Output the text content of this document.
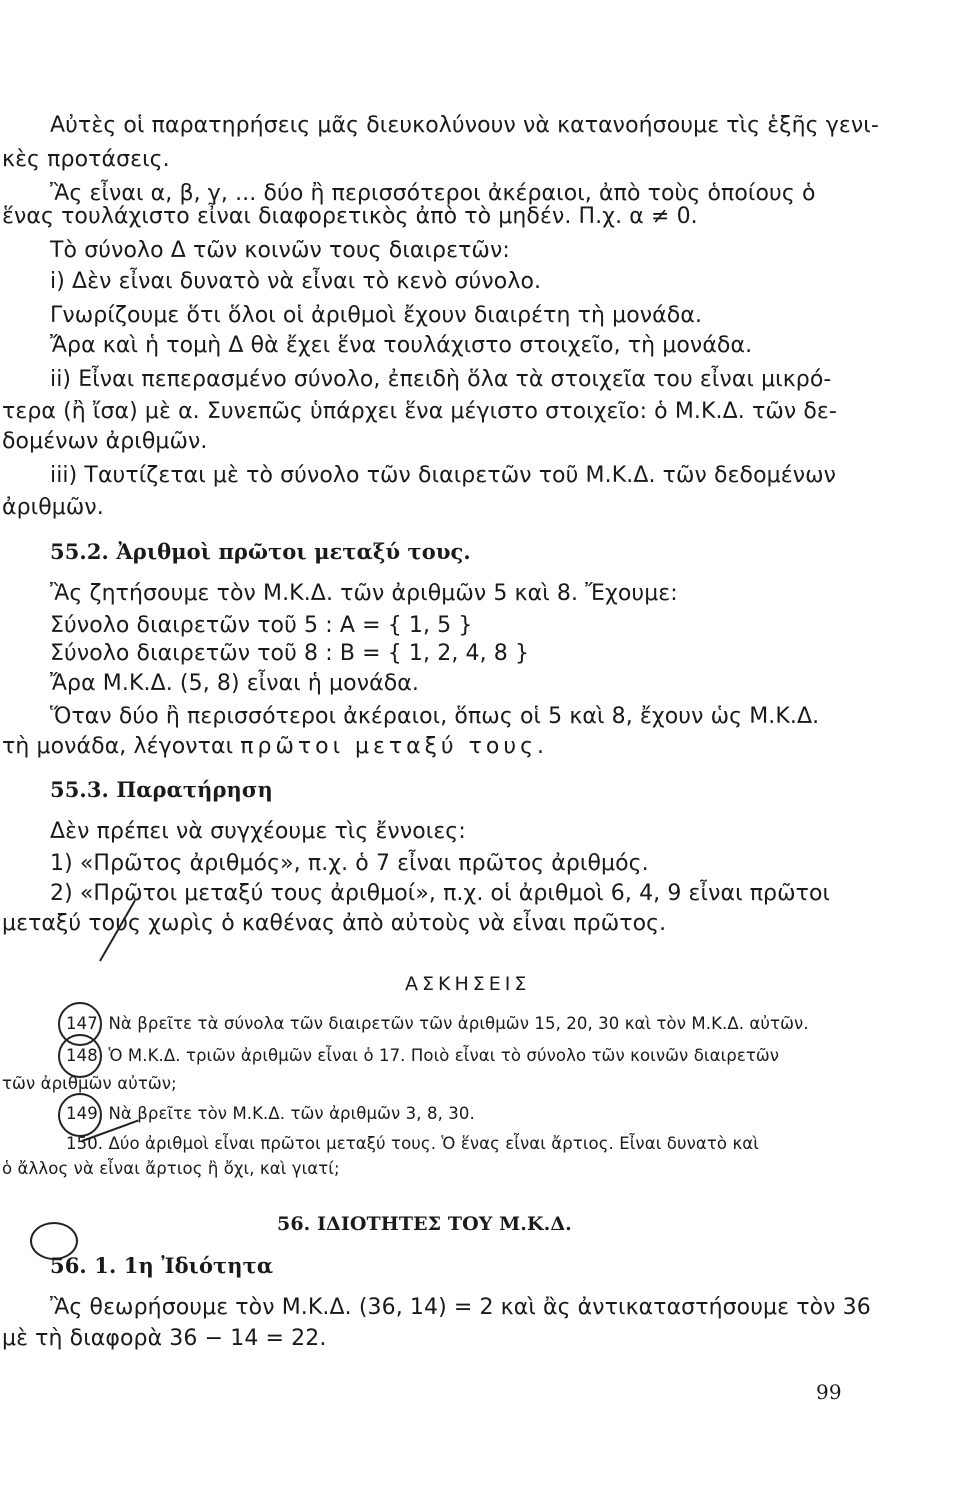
Αὐτὲς οἱ παρατηρήσεις μᾶς διευκολύνουν νὰ κατανοήσουμε τὶς ἑξῆς γενι-
κὲς προτάσεις.
Ἂς εἶναι α, β, γ, ... δύο ἢ περισσότεροι ἀκέραιοι, ἀπὸ τοὺς ὁποίους ὁ
ἕνας τουλάχιστο εἶναι διαφορετικὸς ἀπὸ τὸ μηδέν. Π.χ. α ≠ 0.
Τὸ σύνολο Δ τῶν κοινῶν τους διαιρετῶν:
i) Δὲν εἶναι δυνατὸ νὰ εἶναι τὸ κενὸ σύνολο.
Γνωρίζουμε ὅτι ὅλοι οἱ ἀριθμοὶ ἔχουν διαιρέτη τὴ μονάδα.
Ἄρα καὶ ἡ τομὴ Δ θὰ ἔχει ἕνα τουλάχιστο στοιχεῖο, τὴ μονάδα.
ii) Εἶναι πεπερασμένο σύνολο, ἐπειδὴ ὅλα τὰ στοιχεῖα του εἶναι μικρό-
τερα (ἢ ἴσα) μὲ α. Συνεπῶς ὑπάρχει ἕνα μέγιστο στοιχεῖο: ὁ Μ.Κ.Δ. τῶν δε-
δομένων ἀριθμῶν.
iii) Ταυτίζεται μὲ τὸ σύνολο τῶν διαιρετῶν τοῦ Μ.Κ.Δ. τῶν δεδομένων
ἀριθμῶν.
55.2. Ἀριθμοὶ πρῶτοι μεταξύ τους.
Ἂς ζητήσουμε τὸν Μ.Κ.Δ. τῶν ἀριθμῶν 5 καὶ 8. Ἔχουμε:
Σύνολο διαιρετῶν τοῦ 5 : A = { 1, 5 }
Σύνολο διαιρετῶν τοῦ 8 : B = { 1, 2, 4, 8 }
Ἄρα Μ.Κ.Δ. (5, 8) εἶναι ἡ μονάδα.
Ὅταν δύο ἢ περισσότεροι ἀκέραιοι, ὅπως οἱ 5 καὶ 8, ἔχουν ὡς Μ.Κ.Δ.
τὴ μονάδα, λέγονται πρῶτοι μεταξύ τους.
55.3. Παρατήρηση
Δὲν πρέπει νὰ συγχέουμε τὶς ἔννοιες:
1) «Πρῶτος ἀριθμός», π.χ. ὁ 7 εἶναι πρῶτος ἀριθμός.
2) «Πρῶτοι μεταξύ τους ἀριθμοί», π.χ. οἱ ἀριθμοὶ 6, 4, 9 εἶναι πρῶτοι
μεταξύ τους χωρὶς ὁ καθένας ἀπὸ αὐτοὺς νὰ εἶναι πρῶτος.
ΑΣΚΗΣΕΙΣ
147. Νὰ βρεῖτε τὰ σύνολα τῶν διαιρετῶν τῶν ἀριθμῶν 15, 20, 30 καὶ τὸν Μ.Κ.Δ. αὐτῶν.
148. Ὁ Μ.Κ.Δ. τριῶν ἀριθμῶν εἶναι ὁ 17. Ποιὸ εἶναι τὸ σύνολο τῶν κοινῶν διαιρετῶν
τῶν ἀριθμῶν αὐτῶν;
149. Νὰ βρεῖτε τὸν Μ.Κ.Δ. τῶν ἀριθμῶν 3, 8, 30.
150. Δύο ἀριθμοὶ εἶναι πρῶτοι μεταξύ τους. Ὁ ἕνας εἶναι ἄρτιος. Εἶναι δυνατὸ καὶ
ὁ ἄλλος νὰ εἶναι ἄρτιος ἢ ὄχι, καὶ γιατί;
56. ΙΔΙΟΤΗΤΕΣ ΤΟΥ Μ.Κ.Δ.
56. 1. 1η Ἰδιότητα
Ἂς θεωρήσουμε τὸν Μ.Κ.Δ. (36, 14) = 2 καὶ ἂς ἀντικαταστήσουμε τὸν 36
μὲ τὴ διαφορὰ 36 − 14 = 22.
99
